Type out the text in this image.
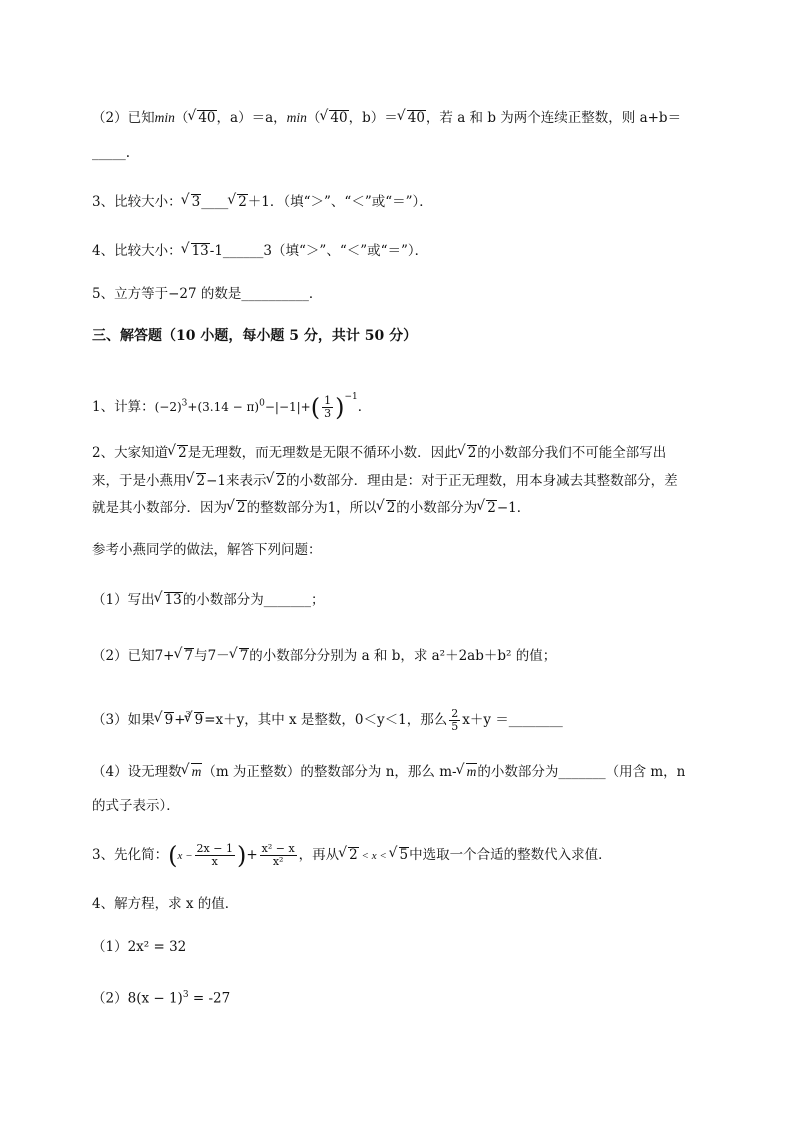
（2）已知min（ √ 40，a）＝a，min（ √ 40，b）＝ √ 40，若 a 和 b 为两个连续正整数，则 a+b＝
_____.
3、比较大小： √ 3____ √ 2＋1．（填“＞”、“＜”或“＝”）．
4、比较大小： √ 13-1______3（填“＞”、“＜”或“＝”）．
5、立方等于−27 的数是__________．
三、解答题（10 小题，每小题 5 分，共计 50 分）
1、计算：$(-2)^3+(3.14 - \pi)^0-|-1|+( \frac{1}{3} )^{-1}$．
2、大家知道 √ 2是无理数，而无理数是无限不循环小数．因此 √ 2的小数部分我们不可能全部写出
来，于是小燕用 √ 2−1来表示 √ 2的小数部分．理由是：对于正无理数，用本身减去其整数部分，差
就是其小数部分．因为 √ 2的整数部分为1，所以 √ 2的小数部分为 √ 2−1．
参考小燕同学的做法，解答下列问题：
（1）写出 √ 13的小数部分为_______；
（2）已知7+ √ 7与7－ √ 7的小数部分分别为 a 和 b，求 a²＋2ab＋b² 的值；
（3）如果 √ 9+$^3$ √ 9=x＋y，其中 x 是整数，0＜y＜1，那么 $\frac{2}{5} x+y$ ＝________
（4）设无理数 √ m（m 为正整数）的整数部分为 n，那么 m- √ m的小数部分为_______（用含 m，n
的式子表示）．
3、先化简：($x - \frac{2x - 1}{x}$ )+ $\frac{\text{x² − x}}{\text{x²}}$ ，再从 √ 2 < x < √ 5中选取一个合适的整数代入求值．
4、解方程，求 x 的值．
（1）2x² = 32
$(2)8(x - 1)^3 = -27$
